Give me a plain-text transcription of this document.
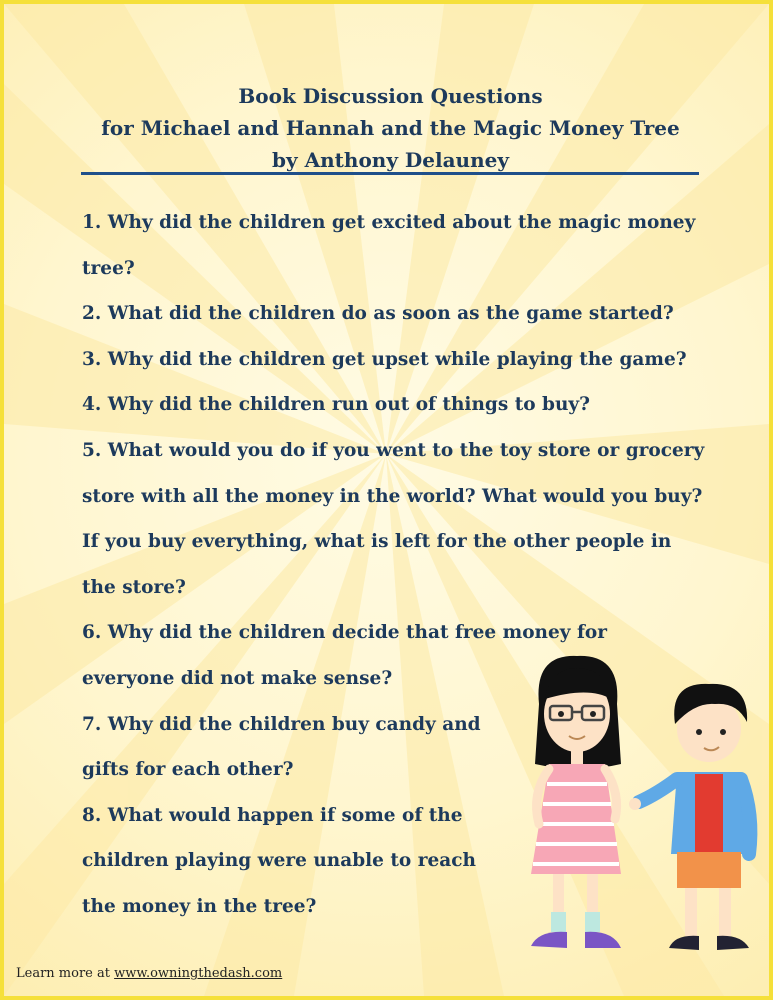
Book Discussion Questions
for Michael and Hannah and the Magic Money Tree
by Anthony Delauney
1. Why did the children get excited about the magic money tree?
2. What did the children do as soon as the game started?
3. Why did the children get upset while playing the game?
4. Why did the children run out of things to buy?
5. What would you do if you went to the toy store or grocery store with all the money in the world? What would you buy? If you buy everything, what is left for the other people in the store?
6. Why did the children decide that free money for everyone did not make sense?
7. Why did the children buy candy and gifts for each other?
8. What would happen if some of the children playing were unable to reach the money in the tree?
Learn more at www.owningthedash.com
